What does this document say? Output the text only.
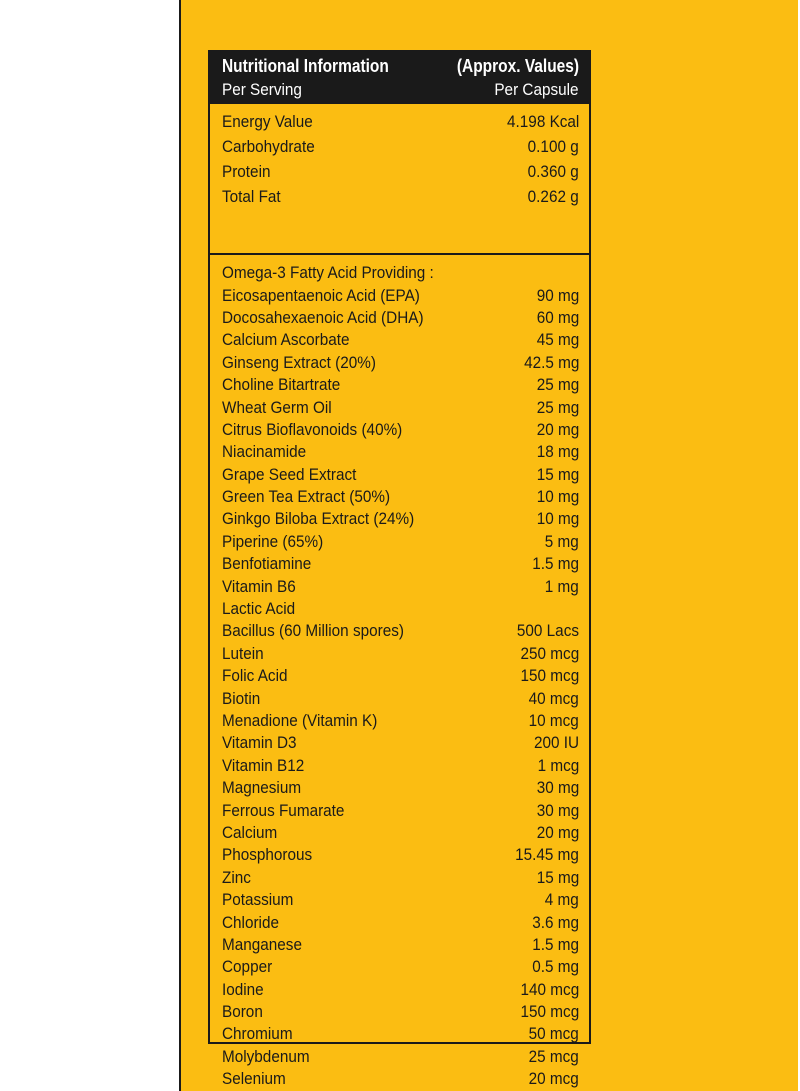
Nutritional Information	(Approx. Values)
Per Serving	Per Capsule
Energy Value	4.198 Kcal
Carbohydrate	0.100 g
Protein	0.360 g
Total Fat	0.262 g
Omega-3 Fatty Acid Providing :
Eicosapentaenoic Acid (EPA)	90 mg
Docosahexaenoic Acid (DHA)	60 mg
Calcium Ascorbate	45 mg
Ginseng Extract (20%)	42.5 mg
Choline Bitartrate	25 mg
Wheat Germ Oil	25 mg
Citrus Bioflavonoids (40%)	20 mg
Niacinamide	18 mg
Grape Seed Extract	15 mg
Green Tea Extract (50%)	10 mg
Ginkgo Biloba Extract (24%)	10 mg
Piperine (65%)	5 mg
Benfotiamine	1.5 mg
Vitamin B6	1 mg
Lactic Acid
Bacillus (60 Million spores)	500 Lacs
Lutein	250 mcg
Folic Acid	150 mcg
Biotin	40 mcg
Menadione (Vitamin K)	10 mcg
Vitamin D3	200 IU
Vitamin B12	1 mcg
Magnesium	30 mg
Ferrous Fumarate	30 mg
Calcium	20 mg
Phosphorous	15.45 mg
Zinc	15 mg
Potassium	4 mg
Chloride	3.6 mg
Manganese	1.5 mg
Copper	0.5 mg
Iodine	140 mcg
Boron	150 mcg
Chromium	50 mcg
Molybdenum	25 mcg
Selenium	20 mcg
